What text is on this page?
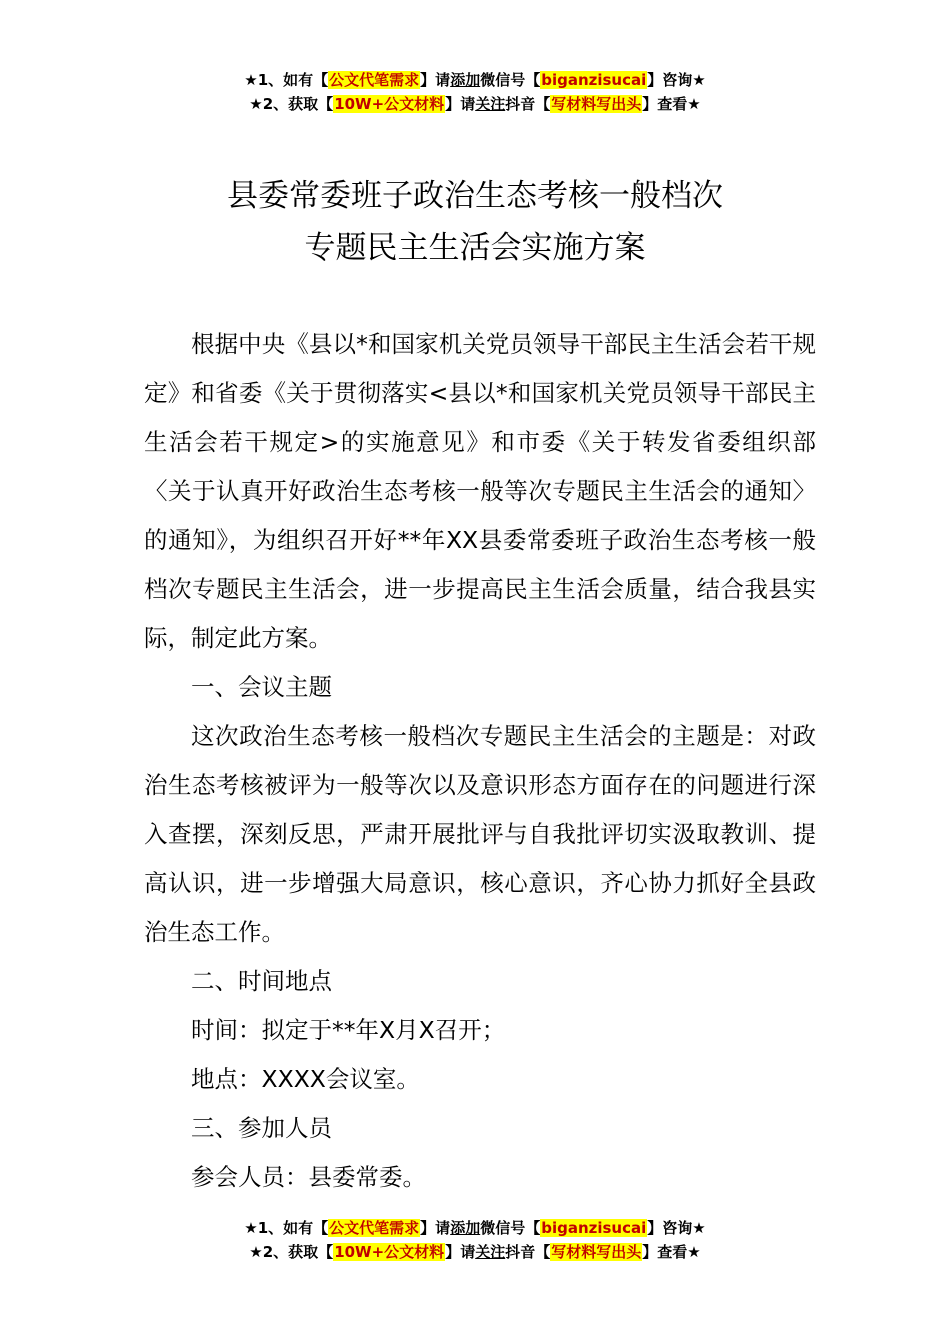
★1、如有【公文代笔需求】请添加微信号【biganzisucai】咨询★
★2、获取【10W+公文材料】请关注抖音【写材料写出头】查看★
县委常委班子政治生态考核一般档次
专题民主生活会实施方案

根据中央《县以*和国家机关党员领导干部民主生活会若干规定》和省委《关于贯彻落实<县以*和国家机关党员领导干部民主生活会若干规定>的实施意见》和市委《关于转发省委组织部〈关于认真开好政治生态考核一般等次专题民主生活会的通知〉的通知》，为组织召开好**年XX县委常委班子政治生态考核一般档次专题民主生活会，进一步提高民主生活会质量，结合我县实际，制定此方案。

一、会议主题

这次政治生态考核一般档次专题民主生活会的主题是：对政治生态考核被评为一般等次以及意识形态方面存在的问题进行深入查摆，深刻反思，严肃开展批评与自我批评切实汲取教训、提高认识，进一步增强大局意识，核心意识，齐心协力抓好全县政治生态工作。

二、时间地点

时间：拟定于**年X月X召开；

地点：XXXX会议室。

三、参加人员

参会人员：县委常委。

★1、如有【公文代笔需求】请添加微信号【biganzisucai】咨询★
★2、获取【10W+公文材料】请关注抖音【写材料写出头】查看★
